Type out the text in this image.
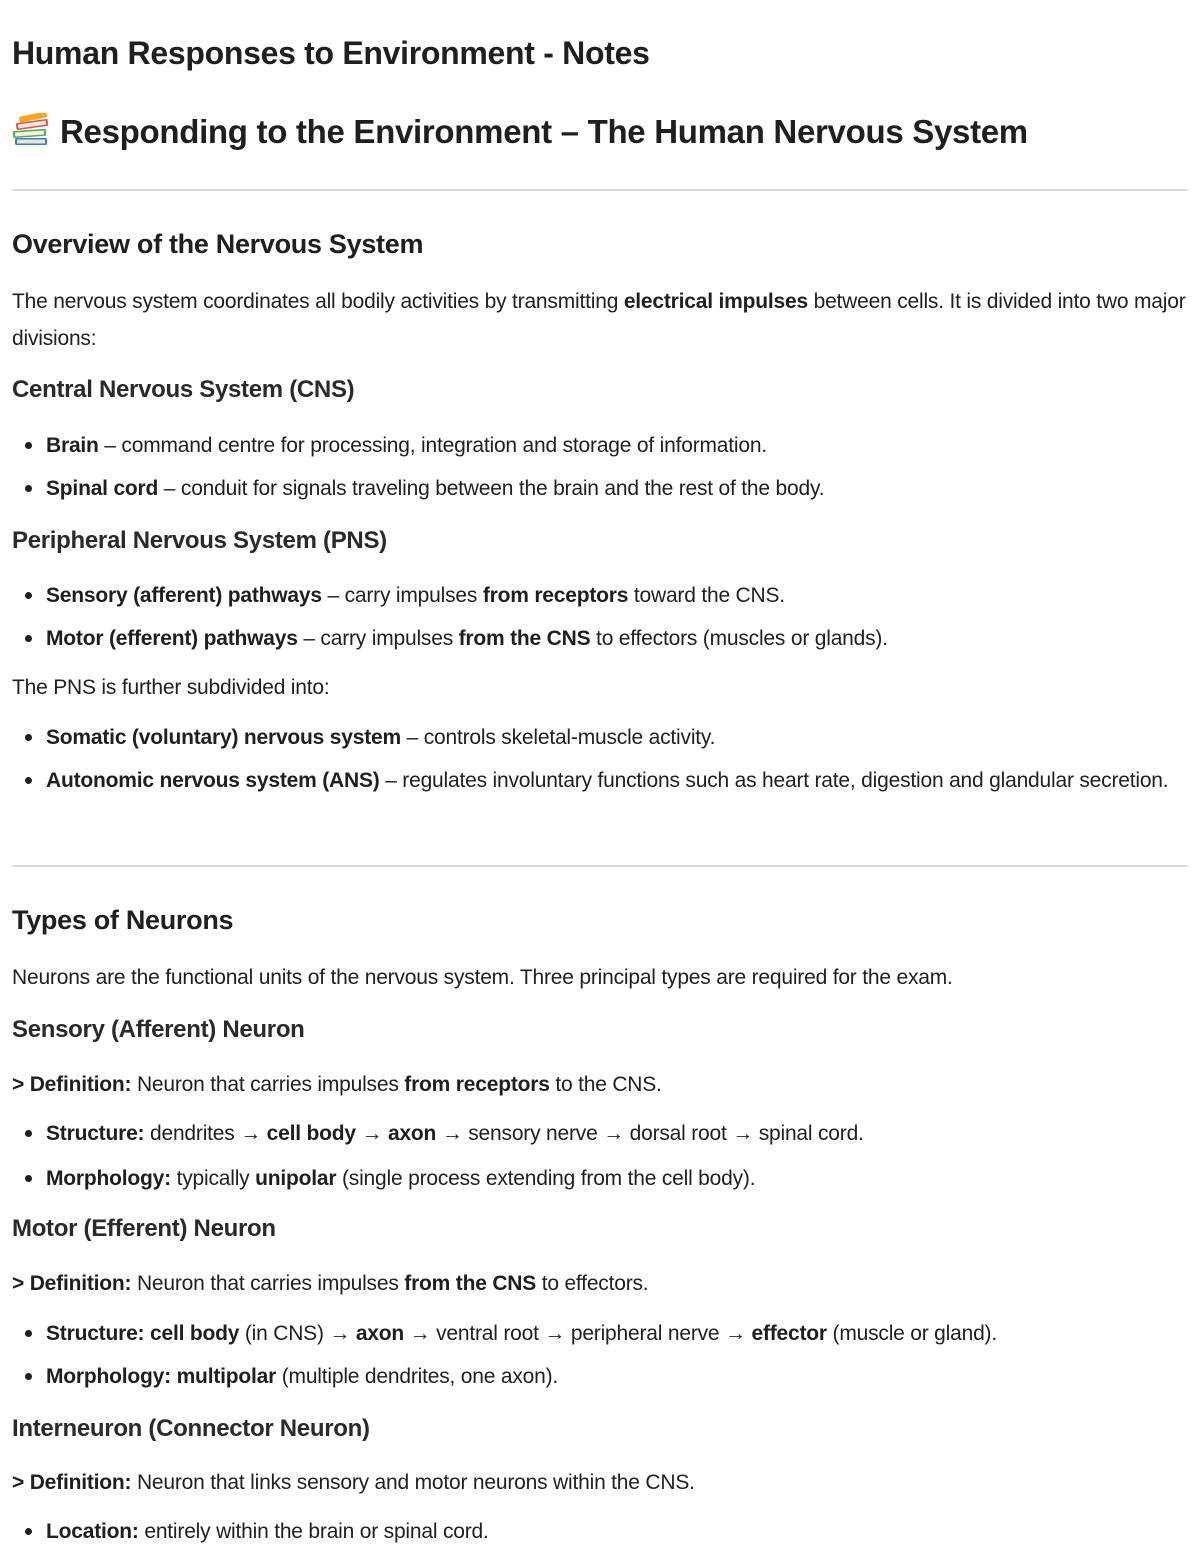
Human Responses to Environment - Notes
Responding to the Environment – The Human Nervous System
Overview of the Nervous System

The nervous system coordinates all bodily activities by transmitting electrical impulses between cells. It is divided into two major divisions:

Central Nervous System (CNS)
Brain – command centre for processing, integration and storage of information.
Spinal cord – conduit for signals traveling between the brain and the rest of the body.
Peripheral Nervous System (PNS)
Sensory (afferent) pathways – carry impulses from receptors toward the CNS.
Motor (efferent) pathways – carry impulses from the CNS to effectors (muscles or glands).

The PNS is further subdivided into:

Somatic (voluntary) nervous system – controls skeletal-muscle activity.
Autonomic nervous system (ANS) – regulates involuntary functions such as heart rate, digestion and glandular secretion.
Types of Neurons

Neurons are the functional units of the nervous system. Three principal types are required for the exam.

Sensory (Afferent) Neuron

> Definition: Neuron that carries impulses from receptors to the CNS.

Structure: dendrites → cell body → axon → sensory nerve → dorsal root → spinal cord.
Morphology: typically unipolar (single process extending from the cell body).
Motor (Efferent) Neuron

> Definition: Neuron that carries impulses from the CNS to effectors.

Structure: cell body (in CNS) → axon → ventral root → peripheral nerve → effector (muscle or gland).
Morphology: multipolar (multiple dendrites, one axon).
Interneuron (Connector Neuron)

> Definition: Neuron that links sensory and motor neurons within the CNS.

Location: entirely within the brain or spinal cord.
